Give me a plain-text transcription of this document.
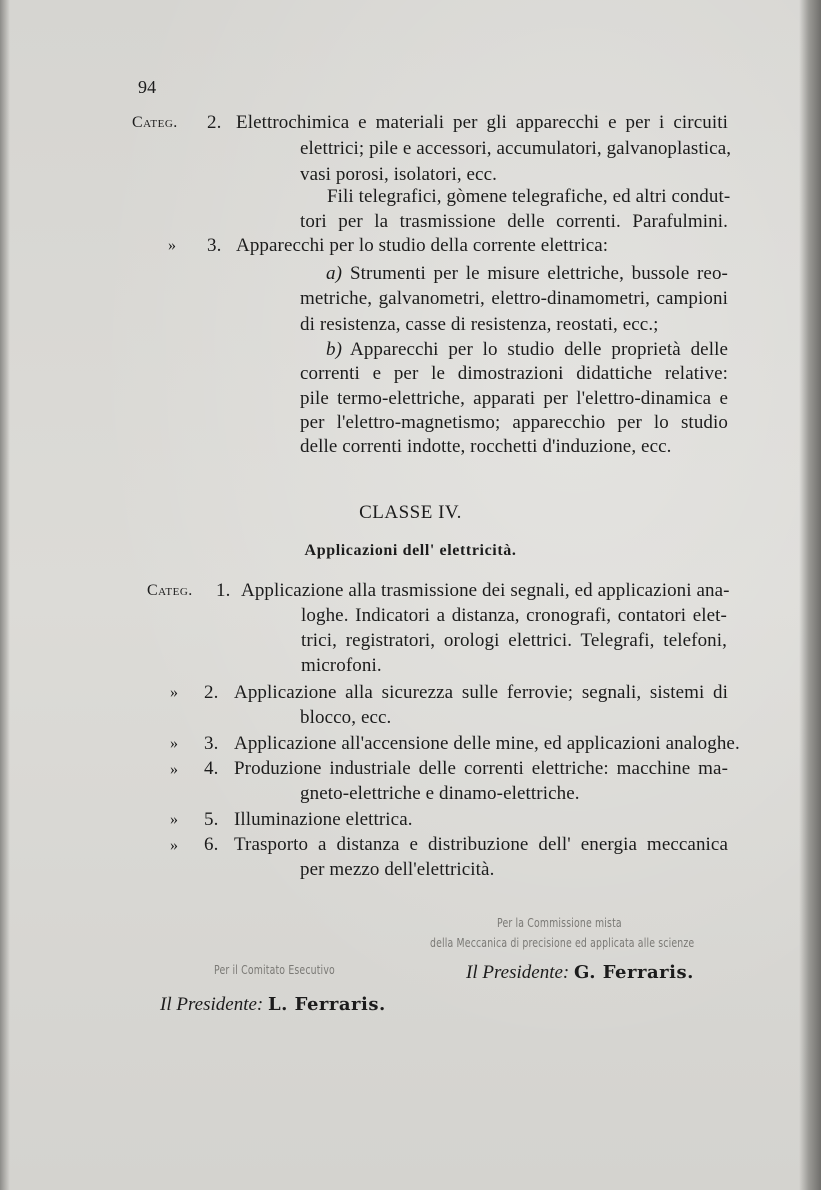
94
Categ. 2. Elettrochimica e materiali per gli apparecchi e per i circuiti
elettrici; pile e accessori, accumulatori, galvanoplastica,
vasi porosi, isolatori, ecc.
Fili telegrafici, gòmene telegrafiche, ed altri condut-
tori per la trasmissione delle correnti. Parafulmini.
» 3. Apparecchi per lo studio della corrente elettrica:
a) Strumenti per le misure elettriche, bussole reo-
metriche, galvanometri, elettro-dinamometri, campioni
di resistenza, casse di resistenza, reostati, ecc.;
b) Apparecchi per lo studio delle proprietà delle
correnti e per le dimostrazioni didattiche relative:
pile termo-elettriche, apparati per l'elettro-dinamica e
per l'elettro-magnetismo; apparecchio per lo studio
delle correnti indotte, rocchetti d'induzione, ecc.
CLASSE IV.
Applicazioni dell' elettricità.
Categ. 1. Applicazione alla trasmissione dei segnali, ed applicazioni ana-
loghe. Indicatori a distanza, cronografi, contatori elet-
trici, registratori, orologi elettrici. Telegrafi, telefoni,
microfoni.
» 2. Applicazione alla sicurezza sulle ferrovie; segnali, sistemi di
blocco, ecc.
» 3. Applicazione all'accensione delle mine, ed applicazioni analoghe.
» 4. Produzione industriale delle correnti elettriche: macchine ma-
gneto-elettriche e dinamo-elettriche.
» 5. Illuminazione elettrica.
» 6. Trasporto a distanza e distribuzione dell' energia meccanica
per mezzo dell'elettricità.
Per la Commissione mista
della Meccanica di precisione ed applicata alle scienze
Per il Comitato Esecutivo	Il Presidente: G. Ferraris.
Il Presidente: L. Ferraris.
